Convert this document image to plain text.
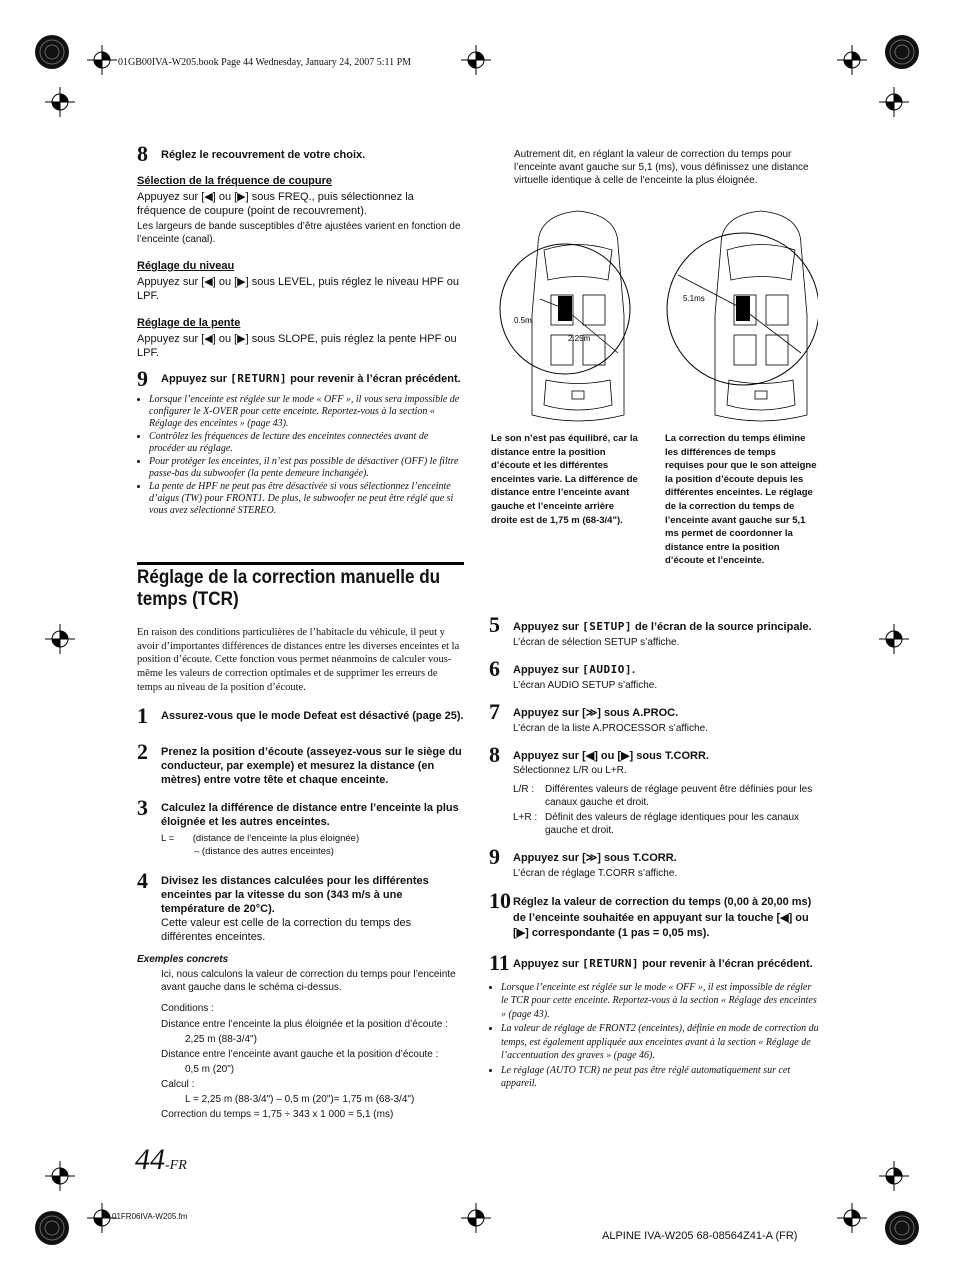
01GB00IVA-W205.book Page 44 Wednesday, January 24, 2007 5:11 PM
8 Réglez le recouvrement de votre choix.
Sélection de la fréquence de coupure
Appuyez sur [◀] ou [▶] sous FREQ., puis sélectionnez la fréquence de coupure (point de recouvrement).
Les largeurs de bande susceptibles d’être ajustées varient en fonction de l’enceinte (canal).
Réglage du niveau
Appuyez sur [◀] ou [▶] sous LEVEL, puis réglez le niveau HPF ou LPF.
Réglage de la pente
Appuyez sur [◀] ou [▶] sous SLOPE, puis réglez la pente HPF ou LPF.
9 Appuyez sur [RETURN] pour revenir à l’écran précédent.
• Lorsque l’enceinte est réglée sur le mode « OFF », il vous sera impossible de configurer le X-OVER pour cette enceinte. Reportez-vous à la section « Réglage des enceintes » (page 43).
• Contrôlez les fréquences de lecture des enceintes connectées avant de procéder au réglage.
• Pour protéger les enceintes, il n’est pas possible de désactiver (OFF) le filtre passe-bas du subwoofer (la pente demeure inchangée).
• La pente de HPF ne peut pas être désactivée si vous sélectionnez l’enceinte d’aigus (TW) pour FRONT1. De plus, le subwoofer ne peut être réglé que si vous avez sélectionné STEREO.
Réglage de la correction manuelle du temps (TCR)
En raison des conditions particulières de l’habitacle du véhicule, il peut y avoir d’importantes différences de distances entre les diverses enceintes et la position d’écoute. Cette fonction vous permet néanmoins de calculer vous-même les valeurs de correction optimales et de supprimer les erreurs de temps au niveau de la position d’écoute.
1 Assurez-vous que le mode Defeat est désactivé (page 25).
2 Prenez la position d’écoute (asseyez-vous sur le siège du conducteur, par exemple) et mesurez la distance (en mètres) entre votre tête et chaque enceinte.
3 Calculez la différence de distance entre l’enceinte la plus éloignée et les autres enceintes.
L = (distance de l’enceinte la plus éloignée)
– (distance des autres enceintes)
4 Divisez les distances calculées pour les différentes enceintes par la vitesse du son (343 m/s à une température de 20°C).
Cette valeur est celle de la correction du temps des différentes enceintes.
Exemples concrets
Ici, nous calculons la valeur de correction du temps pour l’enceinte avant gauche dans le schéma ci-dessus.
Conditions :
Distance entre l’enceinte la plus éloignée et la position d’écoute :
2,25 m (88-3/4")
Distance entre l’enceinte avant gauche et la position d’écoute :
0,5 m (20")
Calcul :
L = 2,25 m (88-3/4") – 0,5 m (20")= 1,75 m (68-3/4")
Correction du temps = 1,75 ÷ 343 x 1 000 = 5,1 (ms)
Autrement dit, en réglant la valeur de correction du temps pour l’enceinte avant gauche sur 5,1 (ms), vous définissez une distance virtuelle identique à celle de l’enceinte la plus éloignée.
0.5m
2.25m
5.1ms
Le son n’est pas équilibré, car la distance entre la position d’écoute et les différentes enceintes varie. La différence de distance entre l’enceinte avant gauche et l’enceinte arrière droite est de 1,75 m (68-3/4").
La correction du temps élimine les différences de temps requises pour que le son atteigne la position d’écoute depuis les différentes enceintes. Le réglage de la correction du temps de l’enceinte avant gauche sur 5,1 ms permet de coordonner la distance entre la position d’écoute et l’enceinte.
5 Appuyez sur [SETUP] de l’écran de la source principale.
L’écran de sélection SETUP s’affiche.
6 Appuyez sur [AUDIO].
L’écran AUDIO SETUP s’affiche.
7 Appuyez sur [≫] sous A.PROC.
L’écran de la liste A.PROCESSOR s’affiche.
8 Appuyez sur [◀] ou [▶] sous T.CORR.
Sélectionnez L/R ou L+R.
L/R :	Différentes valeurs de réglage peuvent être définies pour les canaux gauche et droit.
L+R : Définit des valeurs de réglage identiques pour les canaux gauche et droit.
9 Appuyez sur [≫] sous T.CORR.
L’écran de réglage T.CORR s’affiche.
10 Réglez la valeur de correction du temps (0,00 à 20,00 ms) de l’enceinte souhaitée en appuyant sur la touche [◀] ou [▶] correspondante (1 pas = 0,05 ms).
11 Appuyez sur [RETURN] pour revenir à l’écran précédent.
• Lorsque l’enceinte est réglée sur le mode « OFF », il est impossible de régler le TCR pour cette enceinte. Reportez-vous à la section « Réglage des enceintes » (page 43).
• La valeur de réglage de FRONT2 (enceintes), définie en mode de correction du temps, est également appliquée aux enceintes avant à la section « Réglage de l’accentuation des graves » (page 46).
• Le réglage (AUTO TCR) ne peut pas être réglé automatiquement sur cet appareil.
44-FR
01FR06IVA-W205.fm
ALPINE IVA-W205 68-08564Z41-A (FR)
